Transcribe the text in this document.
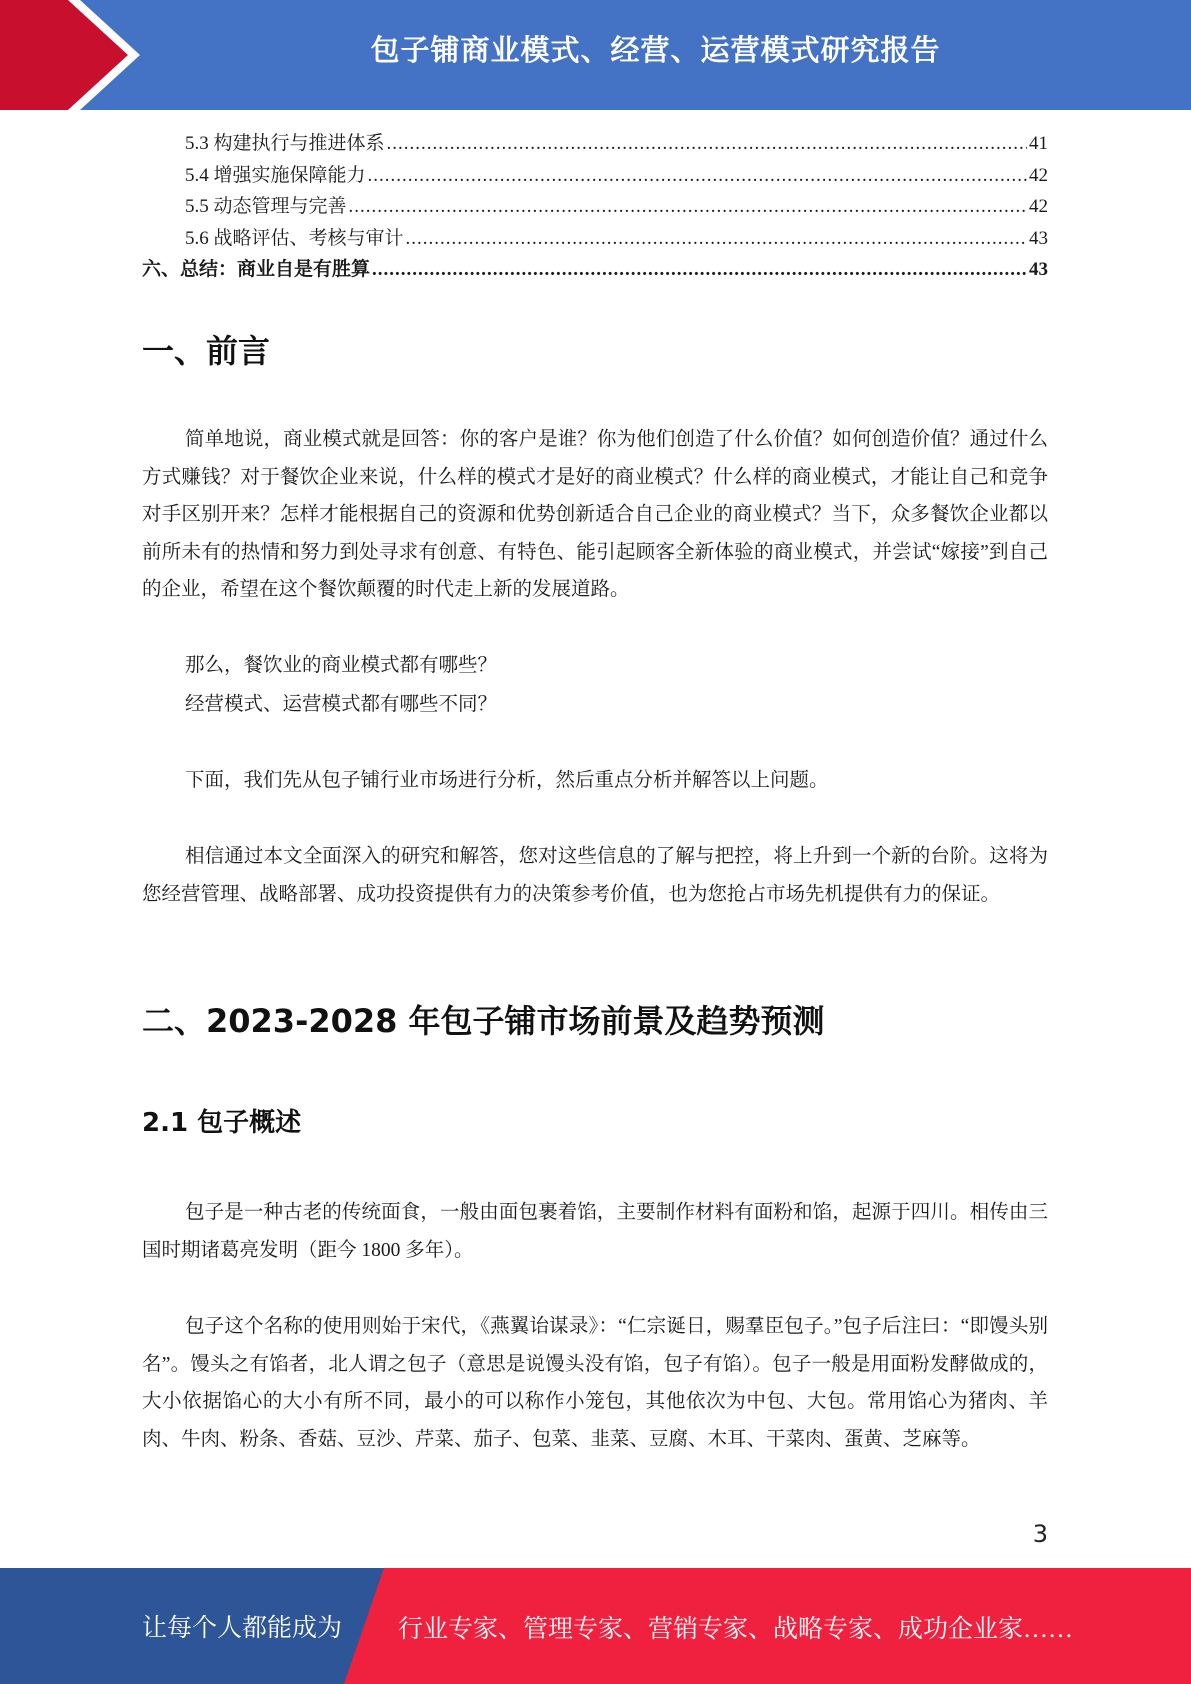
包子铺商业模式、经营、运营模式研究报告
5.3 构建执行与推进体系 .....	41
5.4 增强实施保障能力 .....	42
5.5 动态管理与完善 .....	42
5.6 战略评估、考核与审计 .....	43
六、总结：商业自是有胜算 .....	43
一、前言

简单地说，商业模式就是回答：你的客户是谁？你为他们创造了什么价值？如何创造价值？通过什么方式赚钱？对于餐饮企业来说，什么样的模式才是好的商业模式？什么样的商业模式，才能让自己和竞争对手区别开来？怎样才能根据自己的资源和优势创新适合自己企业的商业模式？当下，众多餐饮企业都以前所未有的热情和努力到处寻求有创意、有特色、能引起顾客全新体验的商业模式，并尝试“嫁接”到自己的企业，希望在这个餐饮颠覆的时代走上新的发展道路。

那么，餐饮业的商业模式都有哪些？

经营模式、运营模式都有哪些不同？

下面，我们先从包子铺行业市场进行分析，然后重点分析并解答以上问题。

相信通过本文全面深入的研究和解答，您对这些信息的了解与把控，将上升到一个新的台阶。这将为您经营管理、战略部署、成功投资提供有力的决策参考价值，也为您抢占市场先机提供有力的保证。

二、2023-2028 年包子铺市场前景及趋势预测
2.1 包子概述

包子是一种古老的传统面食，一般由面包裹着馅，主要制作材料有面粉和馅，起源于四川。相传由三国时期诸葛亮发明（距今 1800 多年）。

包子这个名称的使用则始于宋代，《燕翼诒谋录》：“仁宗诞日，赐羣臣包子。”包子后注曰：“即馒头别名”。馒头之有馅者，北人谓之包子（意思是说馒头没有馅，包子有馅）。包子一般是用面粉发酵做成的，大小依据馅心的大小有所不同，最小的可以称作小笼包，其他依次为中包、大包。常用馅心为猪肉、羊肉、牛肉、粉条、香菇、豆沙、芹菜、茄子、包菜、韭菜、豆腐、木耳、干菜肉、蛋黄、芝麻等。

3
让每个人都能成为 行业专家、管理专家、营销专家、战略专家、成功企业家……
